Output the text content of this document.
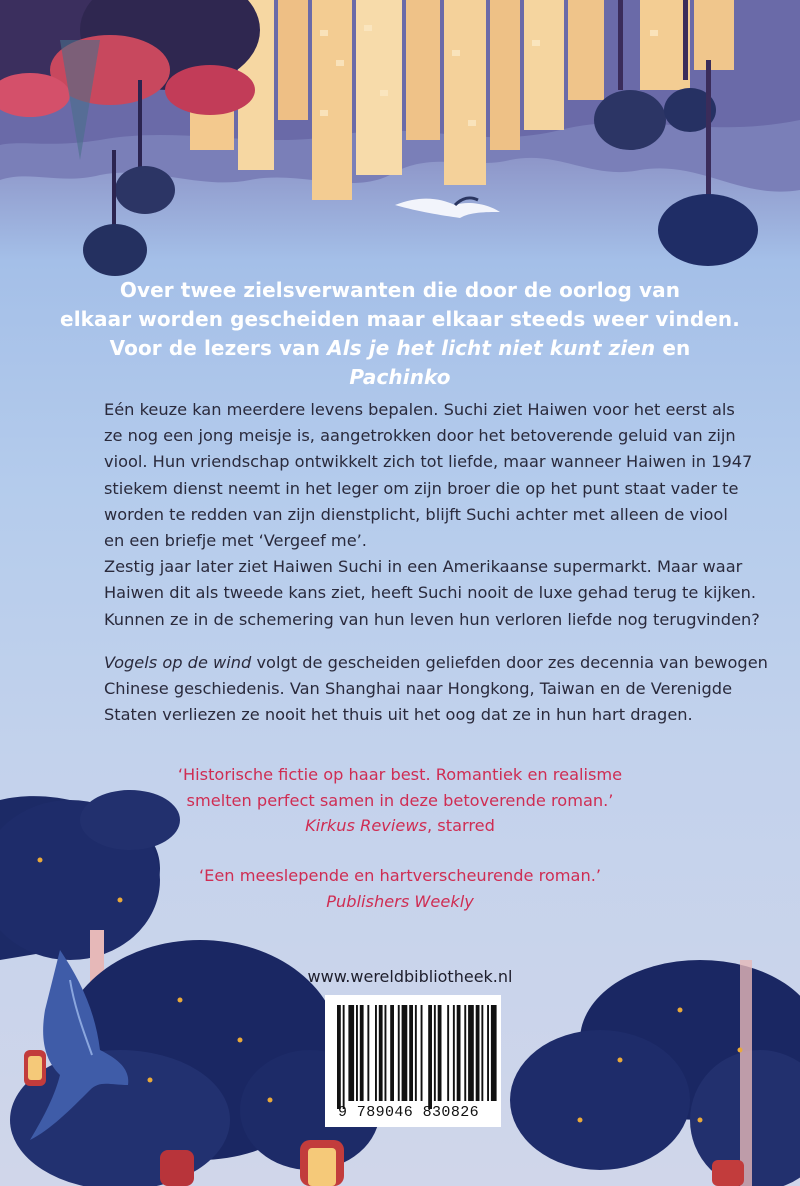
Over twee zielsverwanten die door de oorlog van
elkaar worden gescheiden maar elkaar steeds weer vinden.
Voor de lezers van Als je het licht niet kunt zien en Pachinko
Eén keuze kan meerdere levens bepalen. Suchi ziet Haiwen voor het eerst als
ze nog een jong meisje is, aangetrokken door het betoverende geluid van zijn
viool. Hun vriendschap ontwikkelt zich tot liefde, maar wanneer Haiwen in 1947
stiekem dienst neemt in het leger om zijn broer die op het punt staat vader te
worden te redden van zijn dienstplicht, blijft Suchi achter met alleen de viool
en een briefje met ‘Vergeef me’.
Zestig jaar later ziet Haiwen Suchi in een Amerikaanse supermarkt. Maar waar
Haiwen dit als tweede kans ziet, heeft Suchi nooit de luxe gehad terug te kijken.
Kunnen ze in de schemering van hun leven hun verloren liefde nog terugvinden?
Vogels op de wind volgt de gescheiden geliefden door zes decennia van bewogen
Chinese geschiedenis. Van Shanghai naar Hongkong, Taiwan en de Verenigde
Staten verliezen ze nooit het thuis uit het oog dat ze in hun hart dragen.
‘Historische fictie op haar best. Romantiek en realisme
smelten perfect samen in deze betoverende roman.’
Kirkus Reviews, starred
‘Een meeslepende en hartverscheurende roman.’
Publishers Weekly
www.wereldbibliotheek.nl
9 789046 830826
